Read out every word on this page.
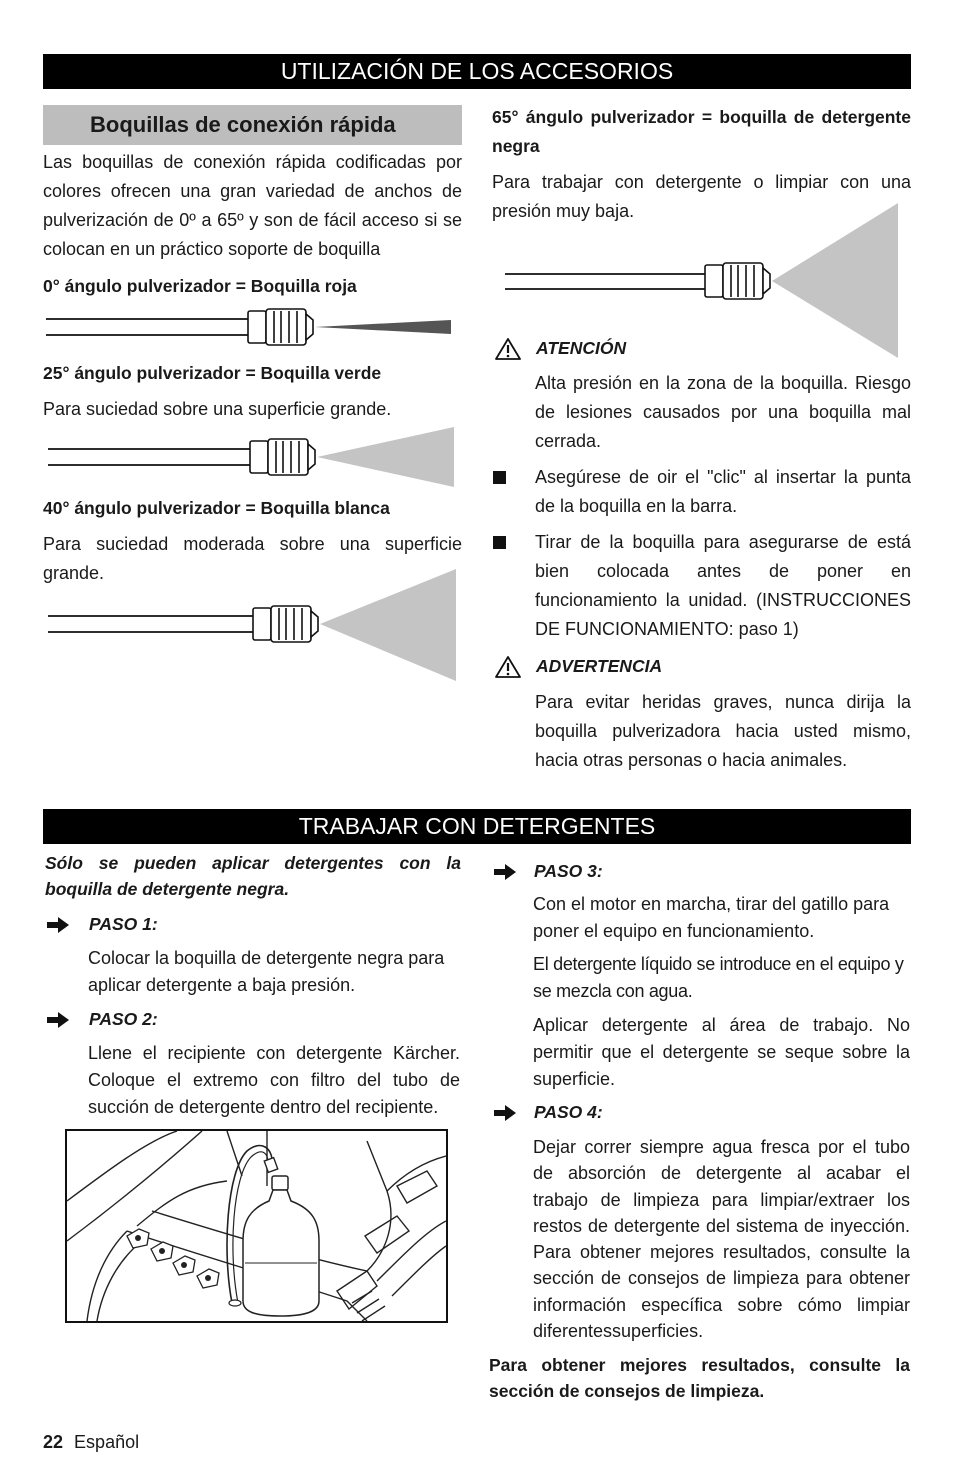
UTILIZACIÓN DE LOS ACCESORIOS
Boquillas de conexión rápida
Las boquillas de conexión rápida codificadas por colores ofrecen una gran variedad de anchos de pulverización de 0º a 65º y son de fácil acceso si se colocan en un práctico soporte de boquilla
0° ángulo pulverizador = Boquilla roja
25° ángulo pulverizador = Boquilla verde
Para suciedad sobre una superficie grande.
40° ángulo pulverizador = Boquilla blanca
Para suciedad moderada sobre una superficie grande.
65° ángulo pulverizador = boquilla de detergente negra
Para trabajar con detergente o limpiar con una presión muy baja.
ATENCIÓN
Alta presión en la zona de la boquilla. Riesgo de lesiones causados por una boquilla mal cerrada.
Asegúrese de oir el "clic" al insertar la punta de la boquilla en la barra.
Tirar de la boquilla para asegurarse de está bien colocada antes de poner en funcionamiento la unidad. (INSTRUCCIONES DE FUNCIONAMIENTO: paso 1)
ADVERTENCIA
Para evitar heridas graves, nunca dirija la boquilla pulverizadora hacia usted mismo, hacia otras personas o hacia animales.
TRABAJAR CON DETERGENTES
Sólo se pueden aplicar detergentes con la boquilla de detergente negra.
PASO 1:
Colocar la boquilla de detergente negra para aplicar detergente a baja presión.
PASO 2:
Llene el recipiente con detergente Kärcher. Coloque el extremo con filtro del tubo de succión de detergente dentro del recipiente.
PASO 3:
Con el motor en marcha, tirar del gatillo para poner el equipo en funcionamiento.
El detergente líquido se introduce en el equipo y se mezcla con agua.
Aplicar detergente al área de trabajo. No permitir que el detergente se seque sobre la superficie.
PASO 4:
Dejar correr siempre agua fresca por el tubo de absorción de detergente al acabar el trabajo de limpieza para limpiar/extraer los restos de detergente del sistema de inyección. Para obtener mejores resultados, consulte la sección de consejos de limpieza para obtener información específica sobre cómo limpiar diferentessuperficies.
Para obtener mejores resultados, consulte la sección de consejos de limpieza.
22 Español
